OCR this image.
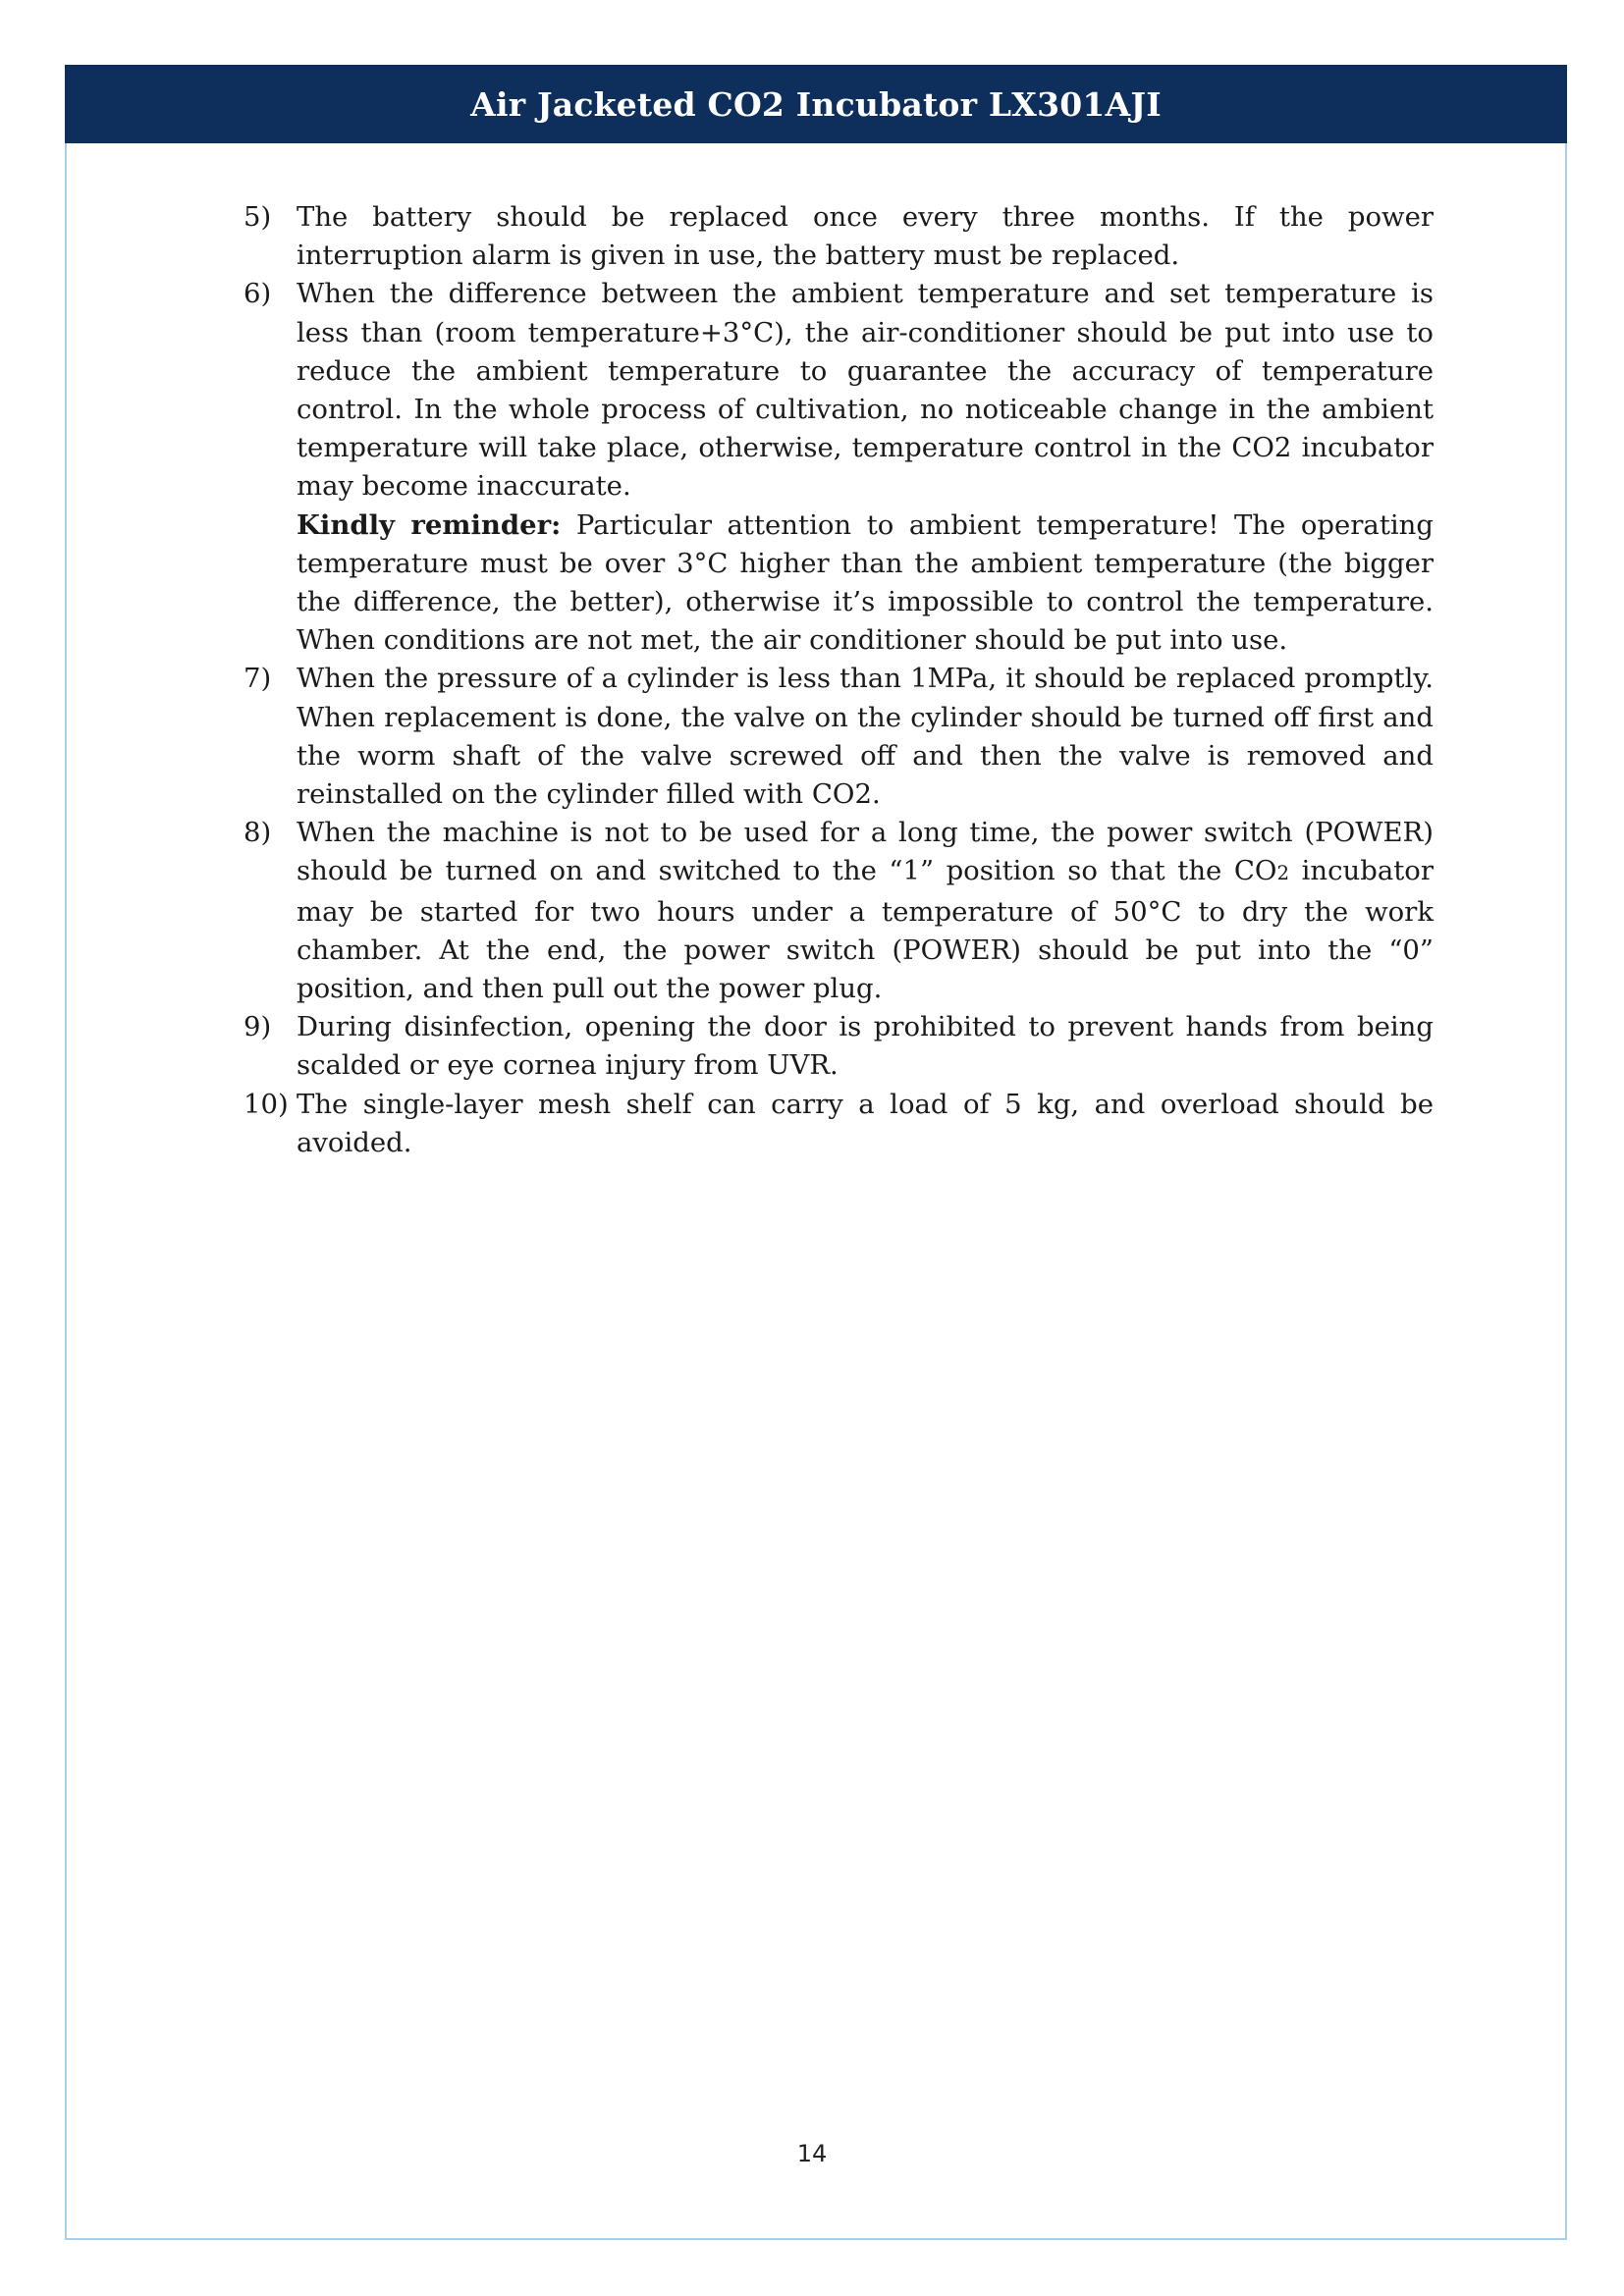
Air Jacketed CO2 Incubator LX301AJI
5) The battery should be replaced once every three months. If the power interruption alarm is given in use, the battery must be replaced.
6) When the difference between the ambient temperature and set temperature is less than (room temperature+3°C), the air-conditioner should be put into use to reduce the ambient temperature to guarantee the accuracy of temperature control. In the whole process of cultivation, no noticeable change in the ambient temperature will take place, otherwise, temperature control in the CO2 incubator may become inaccurate.
Kindly reminder: Particular attention to ambient temperature! The operating temperature must be over 3°C higher than the ambient temperature (the bigger the difference, the better), otherwise it’s impossible to control the temperature. When conditions are not met, the air conditioner should be put into use.
7) When the pressure of a cylinder is less than 1MPa, it should be replaced promptly. When replacement is done, the valve on the cylinder should be turned off first and the worm shaft of the valve screwed off and then the valve is removed and reinstalled on the cylinder filled with CO2.
8) When the machine is not to be used for a long time, the power switch (POWER) should be turned on and switched to the “1” position so that the CO2 incubator may be started for two hours under a temperature of 50°C to dry the work chamber. At the end, the power switch (POWER) should be put into the “0” position, and then pull out the power plug.
9) During disinfection, opening the door is prohibited to prevent hands from being scalded or eye cornea injury from UVR.
10) The single-layer mesh shelf can carry a load of 5 kg, and overload should be avoided.
14
